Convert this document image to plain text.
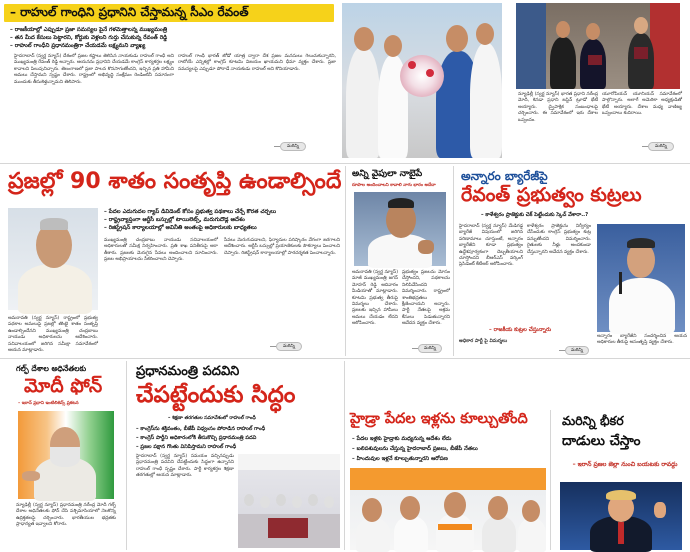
– రాహుల్ గాంధిని ప్రధానిని చేస్తామన్న సీఎం రేవంత్
– రాజకీయాల్లో ఎప్పుడూ ప్రజా సమస్యల పైనే గళమెత్తాలన్న ముఖ్యమంత్రి
– తన మీద కేసులు పెట్టారని, కోర్టుకు వెళ్లలని గుర్తు చేసుకున్న రేవంత్ రెడ్డి
– రాహుల్ గాంధీని ప్రధానమంత్రిగా చేయడమే లక్ష్యమని వ్యాఖ్య
హైదరాబాద్ (స్వర్ణ న్యూస్) దేశంలో ప్రజల కష్టాలు తెలిసిన నాయకుడు రాహుల్ గాంధీ అని ముఖ్యమంత్రి రేవంత్ రెడ్డి అన్నారు. ఆయనను ప్రధానిని చేయడమే కాంగ్రెస్ కార్యకర్తల లక్ష్యం కావాలని పిలుపునిచ్చారు. తెలంగాణలో ప్రజా పాలన కొనసాగుతోందని, ఇచ్చిన ప్రతి హామీని అమలు చేస్తామని స్పష్టం చేశారు. రాష్ట్రంలో అభివృద్ధి సంక్షేమం రెండింటినీ సమానంగా ముందుకు తీసుకెళ్తున్నామని తెలిపారు.
రాహుల్ గాంధీ భారత్ జోడో యాత్ర ద్వారా దేశ ప్రజల మనసులు గెలుచుకున్నారని, రాబోయే ఎన్నికల్లో కాంగ్రెస్ కూటమి విజయం ఖాయమని ధీమా వ్యక్తం చేశారు. ప్రజా సమస్యలపై ఎప్పుడూ పోరాడే నాయకుడు రాహుల్ అని కొనియాడారు.
మరిన్ని
న్యూఢిల్లీ (స్వర్ణ న్యూస్) భారత ప్రధాని నరేంద్ర మోదీ, కెనడా ప్రధాని జస్టిన్ ట్రూడో భేటీ అయ్యారు. ద్వైపాక్షిక సంబంధాలపై చర్చించారు. ఈ సమావేశంలో ఇరు దేశాల ఒప్పందం.
యూరోపియన్ యూనియన్ సమావేశంలో పాల్గొన్నారు. అలాగే అమెరికా అధ్యక్షుడితో భేటీ అయ్యారు. దేశాల మధ్య వాణిజ్య ఒప్పందాలు కుదిరాయి.
మరిన్ని
ప్రజల్లో 90 శాతం సంతృప్తి ఉండాల్సిందే
– పేదల ఎదుగుదల గ్యాప్ డివిడెంట్ కోసం ప్రభుత్వ పథకాలు చేర్చే కొరత చర్చలు
– రాష్ట్రవ్యాప్తంగా ఆర్టీసీ బస్సుల్లో టాయిలెట్స్, మరుగుదొడ్ల ఆదేశం
– రిజిస్ట్రేషన్ కార్యాలయాల్లో అవినీతి అంతంపై అధికారులకు బాధ్యతలు
అమరావతి (స్వర్ణ న్యూస్) రాష్ట్రంలో ప్రభుత్వ పథకాల అమలుపై ప్రజల్లో తొంభై శాతం సంతృప్తి ఉండాల్సిందేనని ముఖ్యమంత్రి చంద్రబాబు నాయుడు అధికారులను ఆదేశించారు. సచివాలయంలో జరిగిన సమీక్షా సమావేశంలో ఆయన మాట్లాడారు.
ముఖ్యమంత్రి చంద్రబాబు నాయుడు సచివాలయంలో అధికారులతో సమీక్ష నిర్వహించారు. ప్రతి శాఖ పనితీరుపై ఆరా తీశారు. ప్రజలకు మెరుగైన సేవలు అందించాలని సూచించారు. ప్రజల అభిప్రాయాలను సేకరించాలని చెప్పారు.
సేవలు మెరుగుపడాలని, ఫిర్యాదుల పరిష్కారం వేగంగా జరగాలని ఆదేశించారు. ఆర్టీసీ బస్సుల్లో ప్రయాణికులకు సౌకర్యాలు పెంచాలని చెప్పారు. రిజిస్ట్రేషన్ కార్యాలయాల్లో పారదర్శకత పెంచాలన్నారు.
మరిన్ని
అన్ని వైపులా నాబైపే
రూపాల అందించాలని కావాలి నాగు భారం అదేదా
అమరావతి (స్వర్ణ న్యూస్) మాజీ ముఖ్యమంత్రి జగన్ మోహన్ రెడ్డి ఆదివారం మీడియాతో మాట్లాడారు. కూటమి ప్రభుత్వ తీరుపై విమర్శలు చేశారు. ప్రజలకు ఇచ్చిన హామీలు అమలు చేయడం లేదని ఆరోపించారు.
ప్రభుత్వం ప్రజలను మోసం చేస్తోందని, పథకాలను నిలిపివేసిందని విమర్శించారు. రాష్ట్రంలో శాంతిభద్రతలు క్షీణించాయని అన్నారు. పార్టీ నేతలపై అక్రమ కేసులు పెడుతున్నారని ఆవేదన వ్యక్తం చేశారు.
మరిన్ని
అన్నారం బ్యారేజీపై
రేవంత్ ప్రభుత్వం కుట్రలు
– కాళేశ్వరం ప్రాజెక్టుకు చెక్ పెట్టేందుకు స్కెచ్ వేశారా..?
హైదరాబాద్ (స్వర్ణ న్యూస్) మేడిగడ్డ బ్యారేజీ విషయంలో జరిగిన పరిణామాలు చూస్తుంటే, అన్నారం బ్యారేజీని కూడా ప్రభుత్వం ఉద్దేశపూర్వకంగా దెబ్బతీయాలని చూస్తోందని బీఆర్ఎస్ వర్కింగ్ ప్రెసిడెంట్ కేటీఆర్ ఆరోపించారు.
కాళేశ్వరం ప్రాజెక్టును నిర్వీర్యం చేసేందుకు కాంగ్రెస్ ప్రభుత్వం కుట్ర పన్నుతోందని విమర్శించారు. రైతులకు నీళ్లు అందకుండా చేస్తున్నారని ఆవేదన వ్యక్తం చేశారు.
అన్నారం బ్యారేజీని సందర్శించిన ఆయన అధికారుల తీరుపై అసంతృప్తి వ్యక్తం చేశారు.
– రాజకీయ కుట్రల చేస్తున్నారు
అధికార పార్టీ పై విమర్శలు
మరిన్ని
గల్ఫ్ దేశాల అధినేతలకు
మోదీ ఫోన్
– ఇరాన్ ప్రధాని ఇంటిలిజెన్స్ ప్రకటన
న్యూఢిల్లీ (స్వర్ణ న్యూస్) ప్రధానమంత్రి నరేంద్ర మోదీ గల్ఫ్ దేశాల అధినేతలకు ఫోన్ చేసి పశ్చిమాసియాలో నెలకొన్న ఉద్రిక్తతలపై చర్చించారు. భారతీయుల భద్రతకు ప్రాధాన్యత ఇవ్వాలని కోరారు.
ప్రధానమంత్రి పదవిని
చేపట్టేందుకు సిద్ధం
– శిక్షణా తరగతుల సమావేశంలో రాహుల్ గాంధీ
– కాంగ్రెస్‌ను శక్తివంతం, బీజేపీ విధ్వంసం పోరాడిన రాహుల్ గాంధీ
– కాంగ్రెస్ పార్టీని అధికారంలోకి తీసుకొచ్చి ప్రధానమంత్రి పదవి
– ప్రజల పక్షాన గొంతు వినిపిస్తామని రాహుల్ గాంధీ
హైదరాబాద్ (స్వర్ణ న్యూస్) సమయం వచ్చినప్పుడు ప్రధానమంత్రి పదవిని చేపట్టేందుకు సిద్ధంగా ఉన్నానని రాహుల్ గాంధీ స్పష్టం చేశారు. పార్టీ కార్యకర్తల శిక్షణా తరగతుల్లో ఆయన మాట్లాడారు.
హైడ్రా పేదల ఇళ్లను కూల్చుతోంది
– పేదల ఇళ్లకు హైడ్రాకు మధ్యనున్న ఆదేశం లేదు
– బలిపశువులను చేస్తున్న హైదరాబాద్ ప్రజలు, బీజేపీ నేతలు
– హిందువుల ఇళ్లనే కూల్చుతున్నారని ఆరోపణ
మరిన్ని భీకర
దాడులు చేస్తాం
– ఇరాన్ ప్రజల జెల్లా నుంచి బయటకు రావద్దు
